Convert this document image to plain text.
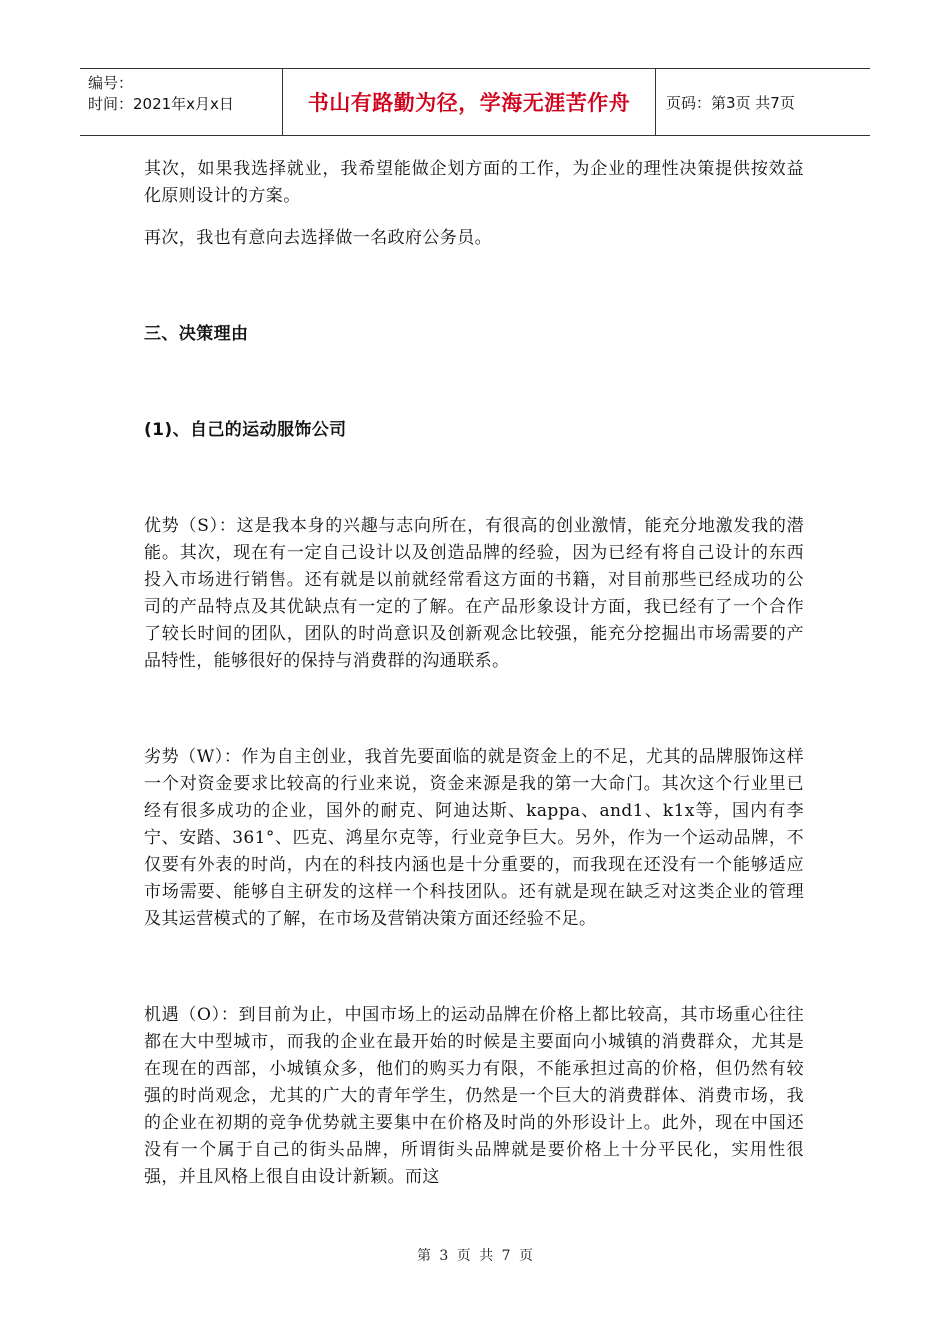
编号：
时间：2021年x月x日	书山有路勤为径，学海无涯苦作舟	页码：第3页 共7页

其次，如果我选择就业，我希望能做企划方面的工作，为企业的理性决策提供按效益化原则设计的方案。

再次，我也有意向去选择做一名政府公务员。

三、决策理由
(1)、自己的运动服饰公司

优势（S）：这是我本身的兴趣与志向所在，有很高的创业激情，能充分地激发我的潜能。其次，现在有一定自己设计以及创造品牌的经验，因为已经有将自己设计的东西投入市场进行销售。还有就是以前就经常看这方面的书籍，对目前那些已经成功的公司的产品特点及其优缺点有一定的了解。在产品形象设计方面，我已经有了一个合作了较长时间的团队，团队的时尚意识及创新观念比较强，能充分挖掘出市场需要的产品特性，能够很好的保持与消费群的沟通联系。

劣势（W）：作为自主创业，我首先要面临的就是资金上的不足，尤其的品牌服饰这样一个对资金要求比较高的行业来说，资金来源是我的第一大命门。其次这个行业里已经有很多成功的企业，国外的耐克、阿迪达斯、kappa、and1、k1x等，国内有李宁、安踏、361°、匹克、鸿星尔克等，行业竞争巨大。另外，作为一个运动品牌，不仅要有外表的时尚，内在的科技内涵也是十分重要的，而我现在还没有一个能够适应市场需要、能够自主研发的这样一个科技团队。还有就是现在缺乏对这类企业的管理及其运营模式的了解，在市场及营销决策方面还经验不足。

机遇（O）：到目前为止，中国市场上的运动品牌在价格上都比较高，其市场重心往往都在大中型城市，而我的企业在最开始的时候是主要面向小城镇的消费群众，尤其是在现在的西部，小城镇众多，他们的购买力有限，不能承担过高的价格，但仍然有较强的时尚观念，尤其的广大的青年学生，仍然是一个巨大的消费群体、消费市场，我的企业在初期的竞争优势就主要集中在价格及时尚的外形设计上。此外，现在中国还没有一个属于自己的街头品牌，所谓街头品牌就是要价格上十分平民化，实用性很强，并且风格上很自由设计新颖。而这

第 3 页 共 7 页
